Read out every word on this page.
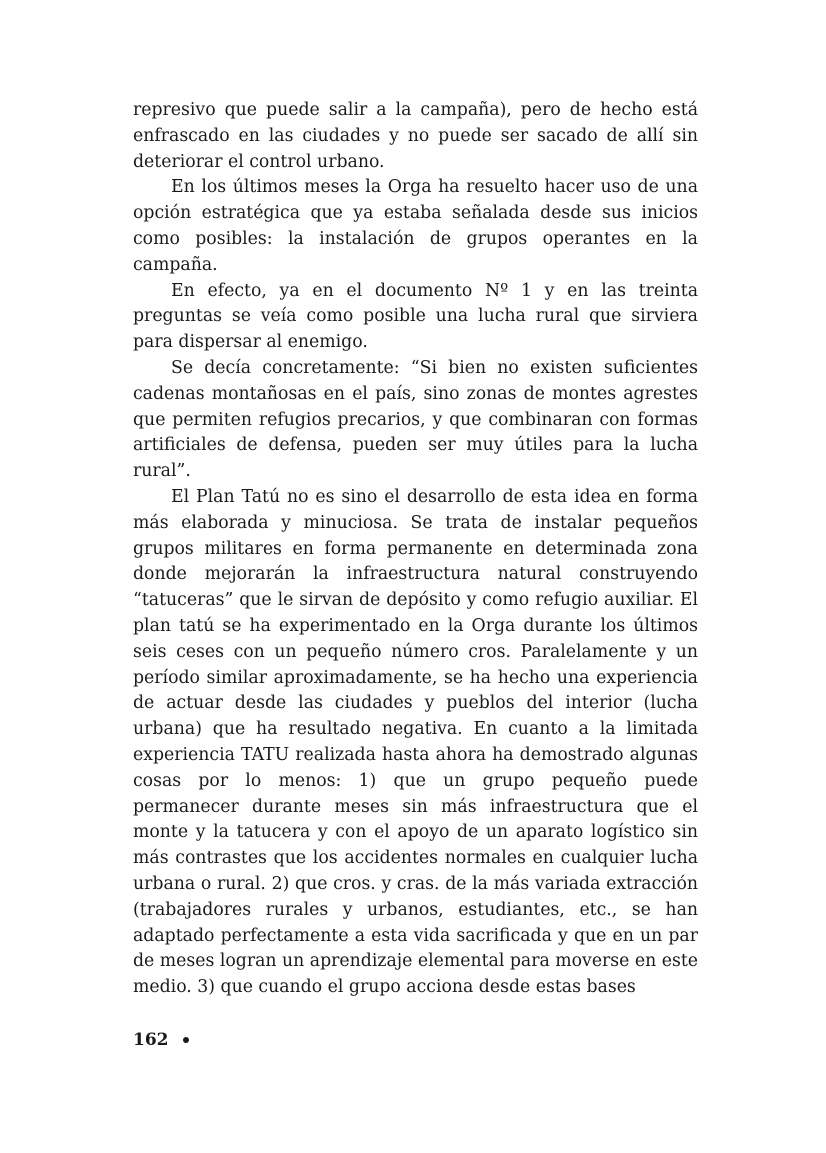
represivo que puede salir a la campaña), pero de hecho está enfrascado en las ciudades y no puede ser sacado de allí sin deteriorar el control urbano.

En los últimos meses la Orga ha resuelto hacer uso de una opción estratégica que ya estaba señalada desde sus inicios como posibles: la instalación de grupos operantes en la campaña.

En efecto, ya en el documento Nº 1 y en las treinta preguntas se veía como posible una lucha rural que sirviera para dispersar al enemigo.

Se decía concretamente: “Si bien no existen suficientes cadenas montañosas en el país, sino zonas de montes agrestes que permiten refugios precarios, y que combinaran con formas artificiales de defensa, pueden ser muy útiles para la lucha rural”.

El Plan Tatú no es sino el desarrollo de esta idea en forma más elaborada y minuciosa. Se trata de instalar pequeños grupos militares en forma permanente en determinada zona donde mejorarán la infraestructura natural construyendo “tatuceras” que le sirvan de depósito y como refugio auxiliar. El plan tatú se ha experimentado en la Orga durante los últimos seis ceses con un pequeño número cros. Paralelamente y un período similar aproximadamente, se ha hecho una experiencia de actuar desde las ciudades y pueblos del interior (lucha urbana) que ha resultado negativa. En cuanto a la limitada experiencia TATU realizada hasta ahora ha demostrado algunas cosas por lo menos: 1) que un grupo pequeño puede permanecer durante meses sin más infraestructura que el monte y la tatucera y con el apoyo de un aparato logístico sin más contrastes que los accidentes normales en cualquier lucha urbana o rural. 2) que cros. y cras. de la más variada extracción (trabajadores rurales y urbanos, estudiantes, etc., se han adaptado perfectamente a esta vida sacrificada y que en un par de meses logran un aprendizaje elemental para moverse en este medio. 3) que cuando el grupo acciona desde estas bases

162
